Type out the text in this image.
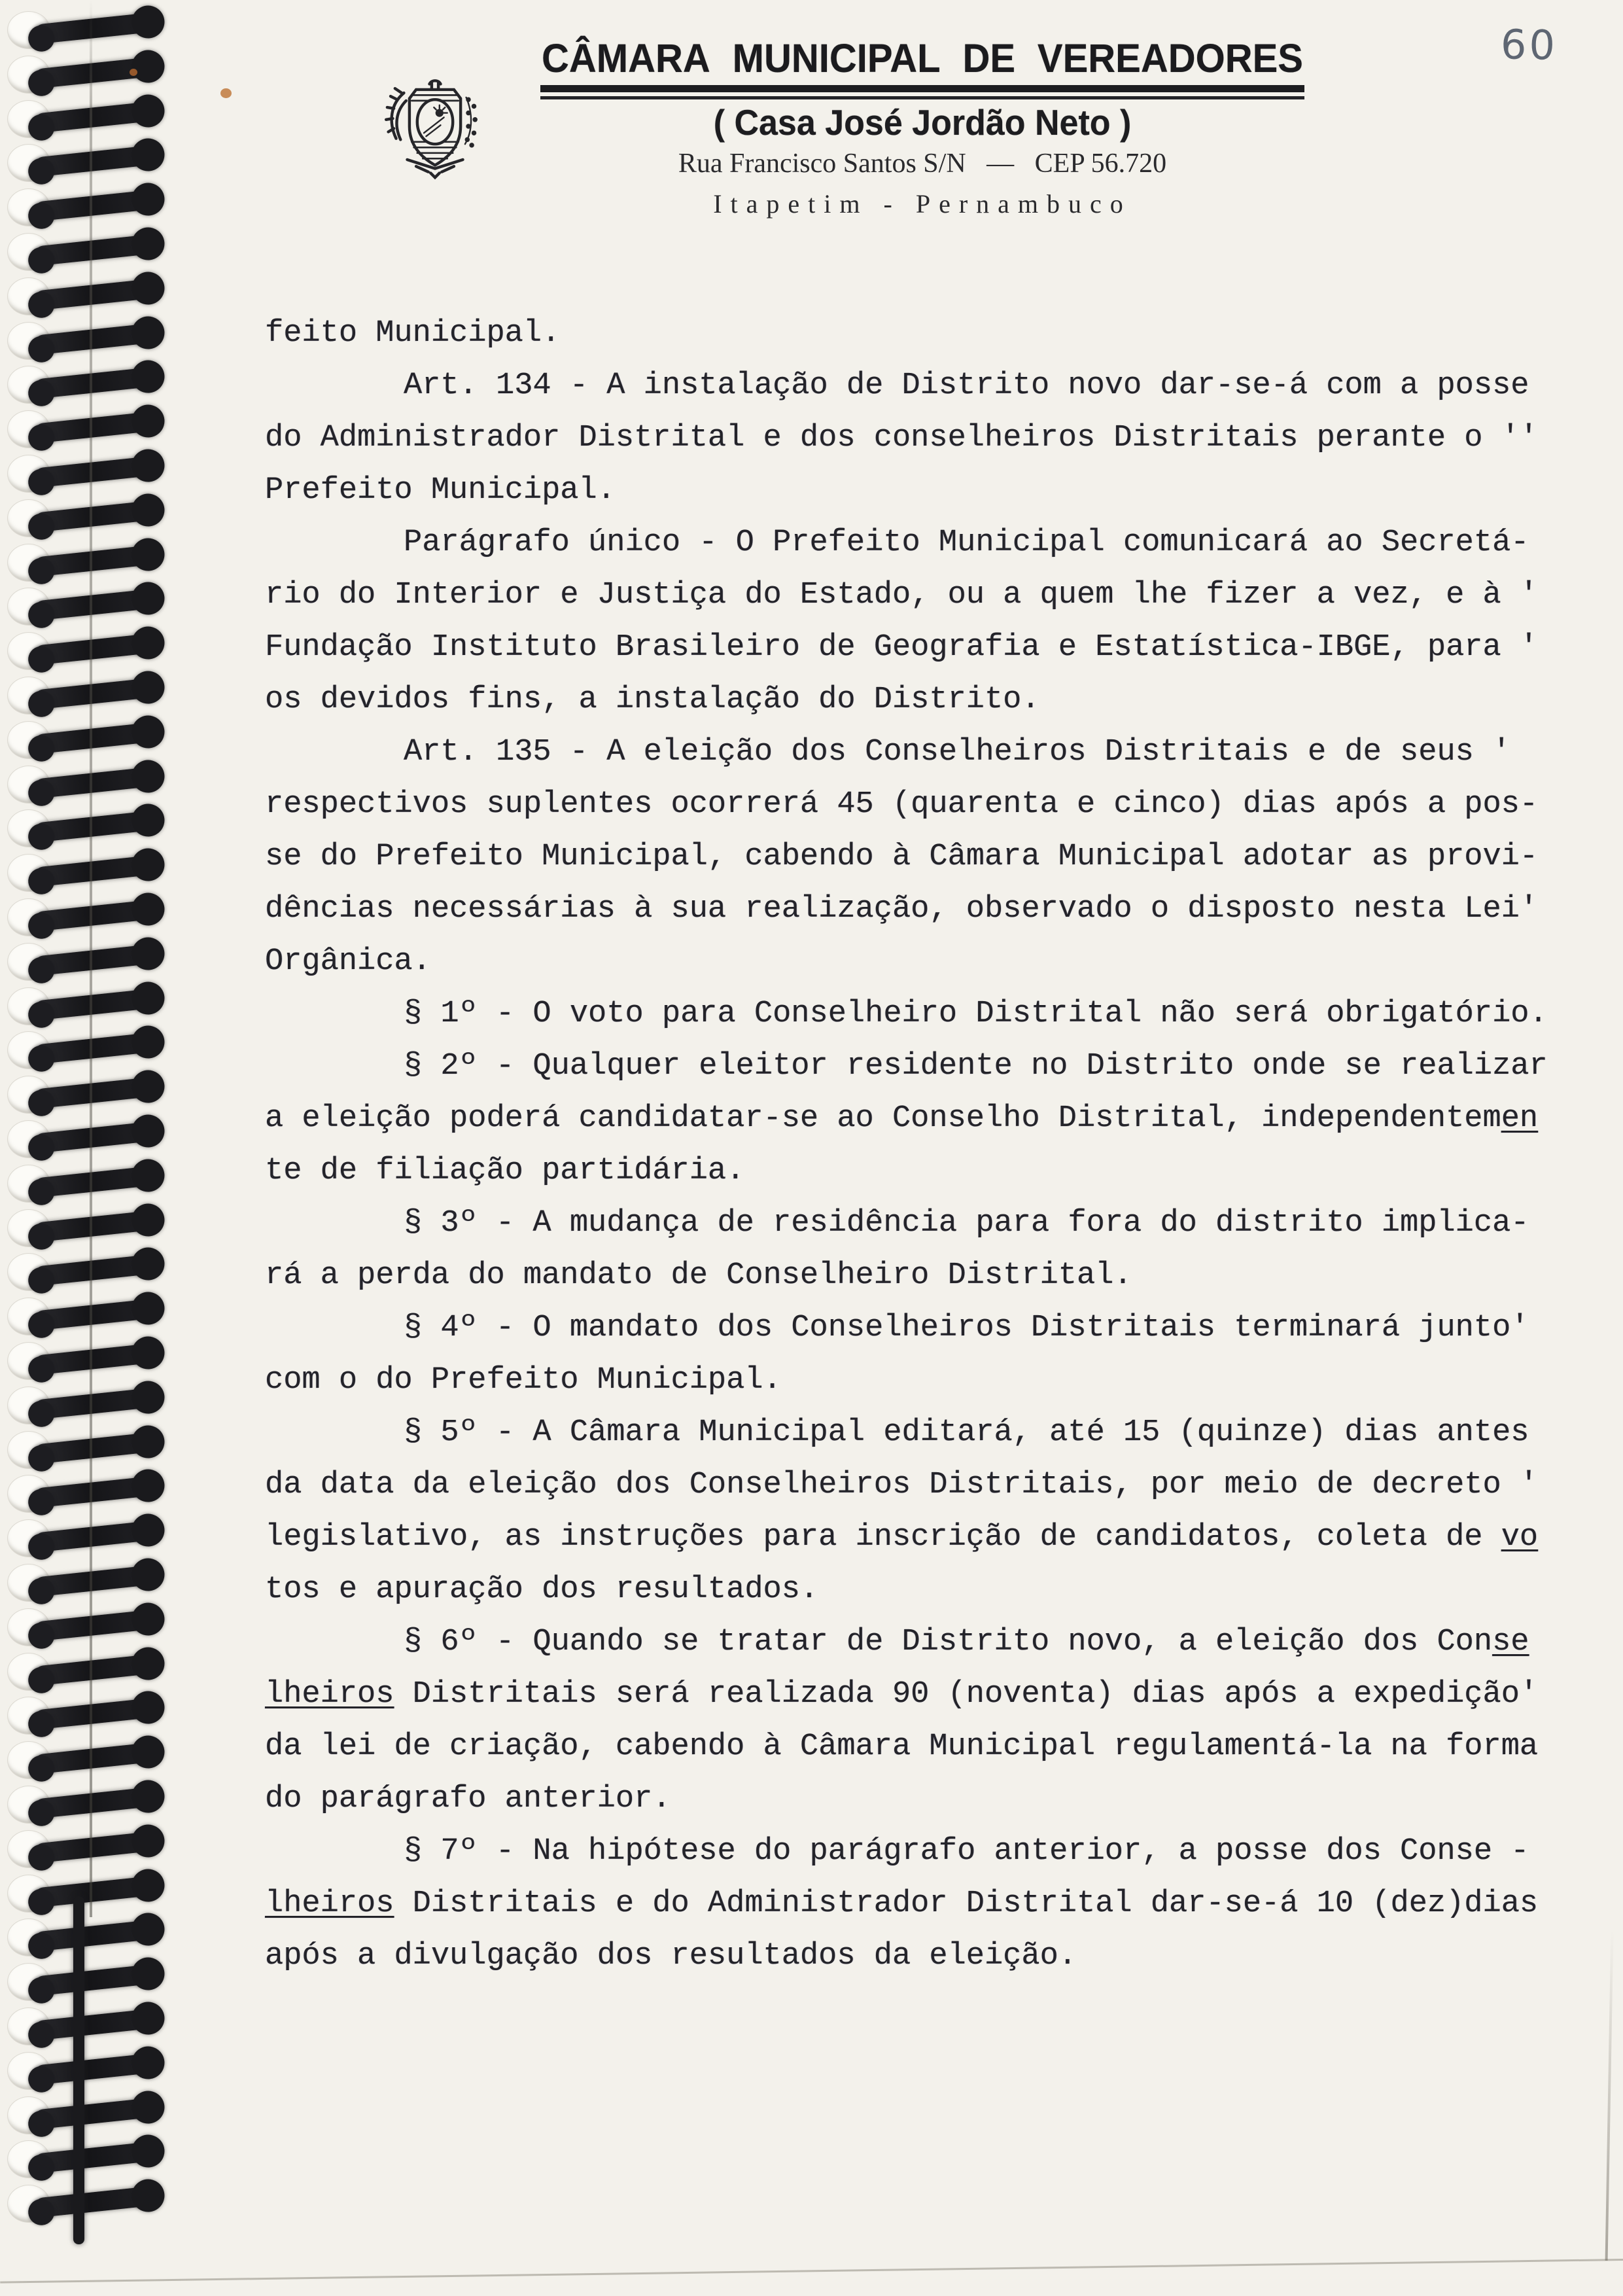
CÂMARA MUNICIPAL DE VEREADORES
( Casa José Jordão Neto )
Rua Francisco Santos S/N   —   CEP 56.720
Itapetim - Pernambuco
60
feito Municipal.
Art. 134 - A instalação de Distrito novo dar-se-á com a posse
do Administrador Distrital e dos conselheiros Distritais perante o ''
Prefeito Municipal.
Parágrafo único - O Prefeito Municipal comunicará ao Secretá-
rio do Interior e Justiça do Estado, ou a quem lhe fizer a vez, e à '
Fundação Instituto Brasileiro de Geografia e Estatística-IBGE, para '
os devidos fins, a instalação do Distrito.
Art. 135 - A eleição dos Conselheiros Distritais e de seus '
respectivos suplentes ocorrerá 45 (quarenta e cinco) dias após a pos-
se do Prefeito Municipal, cabendo à Câmara Municipal adotar as provi-
dências necessárias à sua realização, observado o disposto nesta Lei'
Orgânica.
§ 1º - O voto para Conselheiro Distrital não será obrigatório.
§ 2º - Qualquer eleitor residente no Distrito onde se realizar
a eleição poderá candidatar-se ao Conselho Distrital, independentemen
te de filiação partidária.
§ 3º - A mudança de residência para fora do distrito implica-
rá a perda do mandato de Conselheiro Distrital.
§ 4º - O mandato dos Conselheiros Distritais terminará junto'
com o do Prefeito Municipal.
§ 5º - A Câmara Municipal editará, até 15 (quinze) dias antes
da data da eleição dos Conselheiros Distritais, por meio de decreto '
legislativo, as instruções para inscrição de candidatos, coleta de vo
tos e apuração dos resultados.
§ 6º - Quando se tratar de Distrito novo, a eleição dos Conse
lheiros Distritais será realizada 90 (noventa) dias após a expedição'
da lei de criação, cabendo à Câmara Municipal regulamentá-la na forma
do parágrafo anterior.
§ 7º - Na hipótese do parágrafo anterior, a posse dos Conse -
lheiros Distritais e do Administrador Distrital dar-se-á 10 (dez)dias
após a divulgação dos resultados da eleição.
